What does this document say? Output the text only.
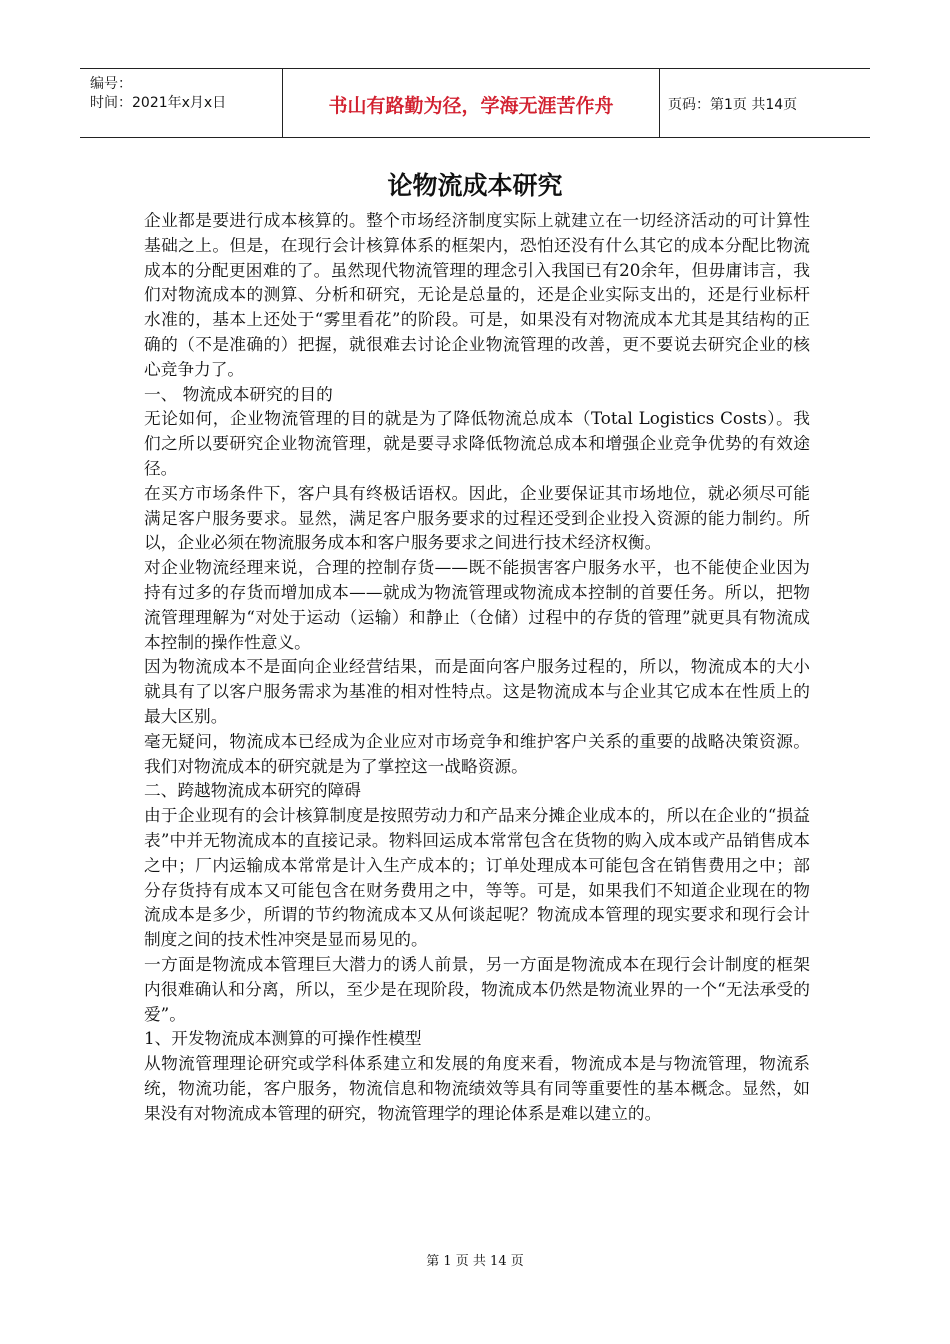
编号：
时间：2021年x月x日	书山有路勤为径，学海无涯苦作舟	页码：第1页 共14页
论物流成本研究

企业都是要进行成本核算的。整个市场经济制度实际上就建立在一切经济活动的可计算性基础之上。但是，在现行会计核算体系的框架内，恐怕还没有什么其它的成本分配比物流成本的分配更困难的了。虽然现代物流管理的理念引入我国已有20余年，但毋庸讳言，我们对物流成本的测算、分析和研究，无论是总量的，还是企业实际支出的，还是行业标杆水准的，基本上还处于“雾里看花”的阶段。可是，如果没有对物流成本尤其是其结构的正确的（不是准确的）把握，就很难去讨论企业物流管理的改善，更不要说去研究企业的核心竞争力了。

一、 物流成本研究的目的

无论如何，企业物流管理的目的就是为了降低物流总成本（Total Logistics Costs）。我们之所以要研究企业物流管理，就是要寻求降低物流总成本和增强企业竞争优势的有效途径。

在买方市场条件下，客户具有终极话语权。因此，企业要保证其市场地位，就必须尽可能满足客户服务要求。显然，满足客户服务要求的过程还受到企业投入资源的能力制约。所以，企业必须在物流服务成本和客户服务要求之间进行技术经济权衡。

对企业物流经理来说，合理的控制存货——既不能损害客户服务水平，也不能使企业因为持有过多的存货而增加成本——就成为物流管理或物流成本控制的首要任务。所以，把物流管理理解为“对处于运动（运输）和静止（仓储）过程中的存货的管理”就更具有物流成本控制的操作性意义。

因为物流成本不是面向企业经营结果，而是面向客户服务过程的，所以，物流成本的大小就具有了以客户服务需求为基准的相对性特点。这是物流成本与企业其它成本在性质上的最大区别。

毫无疑问，物流成本已经成为企业应对市场竞争和维护客户关系的重要的战略决策资源。我们对物流成本的研究就是为了掌控这一战略资源。

二、跨越物流成本研究的障碍

由于企业现有的会计核算制度是按照劳动力和产品来分摊企业成本的，所以在企业的“损益表”中并无物流成本的直接记录。物料回运成本常常包含在货物的购入成本或产品销售成本之中；厂内运输成本常常是计入生产成本的；订单处理成本可能包含在销售费用之中；部分存货持有成本又可能包含在财务费用之中，等等。可是，如果我们不知道企业现在的物流成本是多少，所谓的节约物流成本又从何谈起呢？物流成本管理的现实要求和现行会计制度之间的技术性冲突是显而易见的。

一方面是物流成本管理巨大潜力的诱人前景，另一方面是物流成本在现行会计制度的框架内很难确认和分离，所以，至少是在现阶段，物流成本仍然是物流业界的一个“无法承受的爱”。

1、开发物流成本测算的可操作性模型

从物流管理理论研究或学科体系建立和发展的角度来看，物流成本是与物流管理，物流系统，物流功能，客户服务，物流信息和物流绩效等具有同等重要性的基本概念。显然，如果没有对物流成本管理的研究，物流管理学的理论体系是难以建立的。

第 1 页 共 14 页
